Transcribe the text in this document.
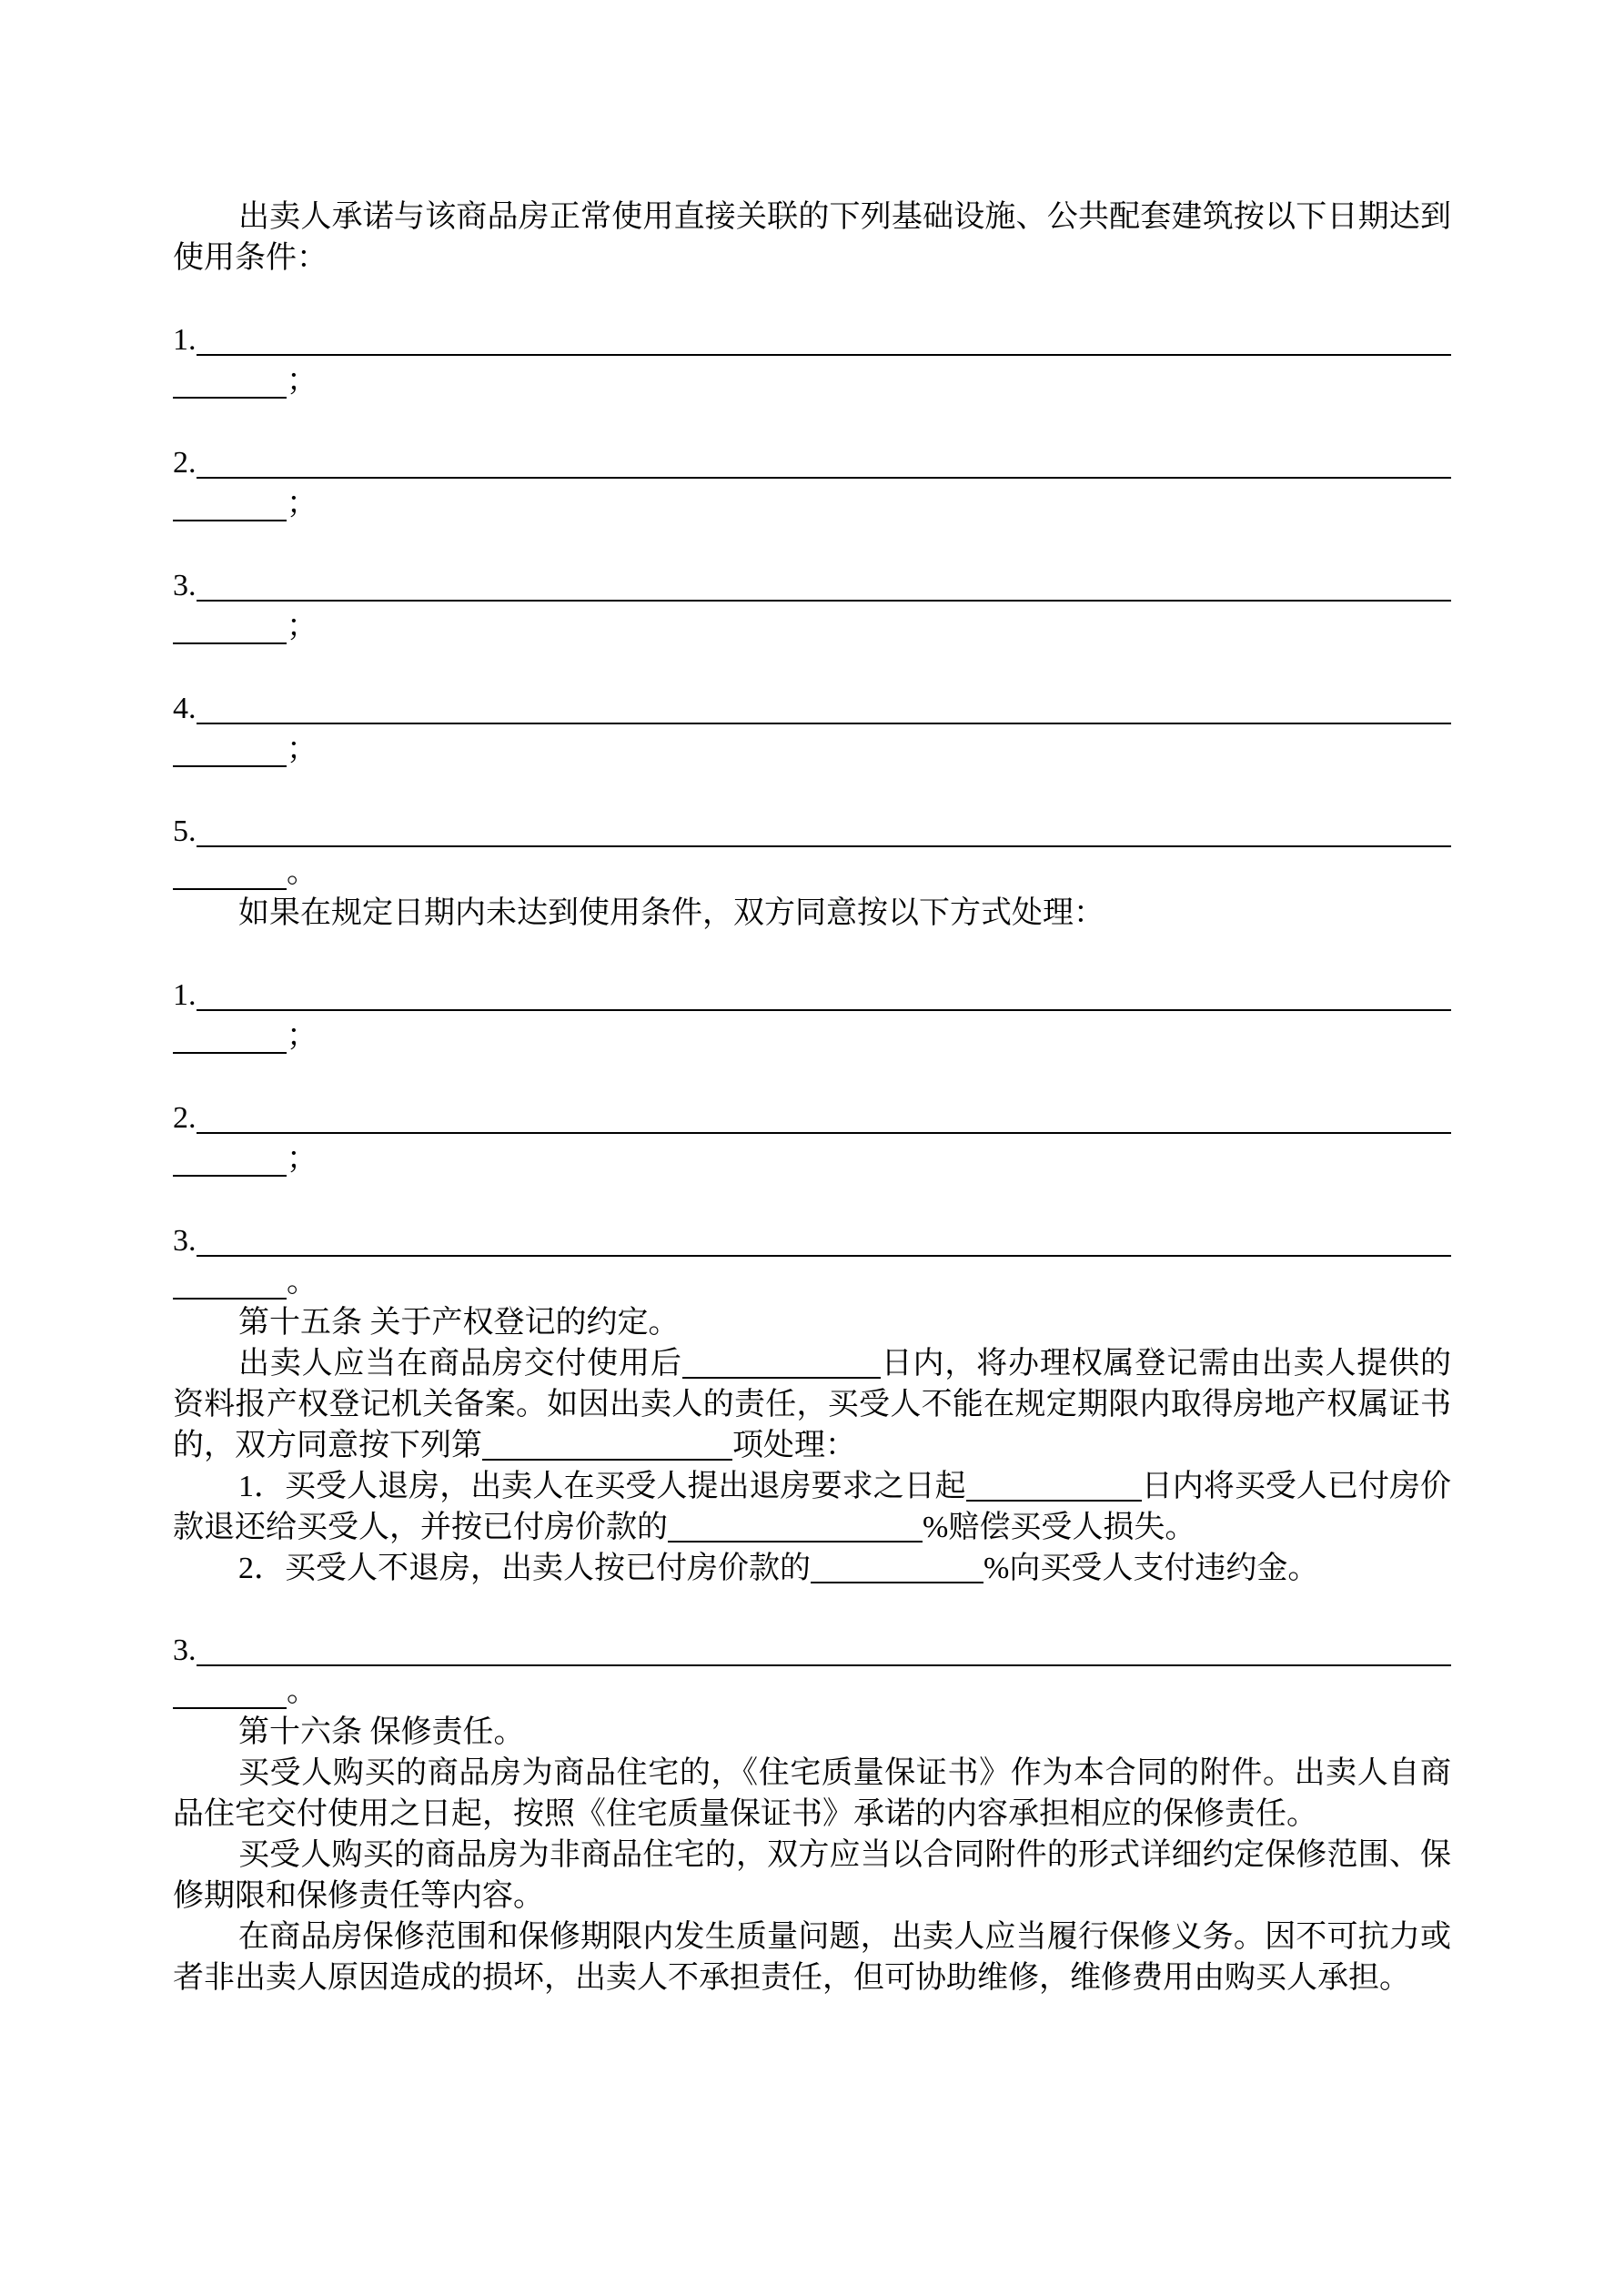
出卖人承诺与该商品房正常使用直接关联的下列基础设施、公共配套建筑按以下日期达到使用条件：

1.
；
2.
；
3.
；
4.
；
5.
。

如果在规定日期内未达到使用条件，双方同意按以下方式处理：

1.
；
2.
；
3.
。

第十五条 关于产权登记的约定。

出卖人应当在商品房交付使用后	日内，将办理权属登记需由出卖人提供的资料报产权登记机关备案。如因出卖人的责任，买受人不能在规定期限内取得房地产权属证书的，双方同意按下列第	项处理：

1．买受人退房，出卖人在买受人提出退房要求之日起	日内将买受人已付房价款退还给买受人，并按已付房价款的	%赔偿买受人损失。

2．买受人不退房，出卖人按已付房价款的	%向买受人支付违约金。

3.
。

第十六条 保修责任。

买受人购买的商品房为商品住宅的，《住宅质量保证书》作为本合同的附件。出卖人自商品住宅交付使用之日起，按照《住宅质量保证书》承诺的内容承担相应的保修责任。

买受人购买的商品房为非商品住宅的，双方应当以合同附件的形式详细约定保修范围、保修期限和保修责任等内容。

在商品房保修范围和保修期限内发生质量问题，出卖人应当履行保修义务。因不可抗力或者非出卖人原因造成的损坏，出卖人不承担责任，但可协助维修，维修费用由购买人承担。
